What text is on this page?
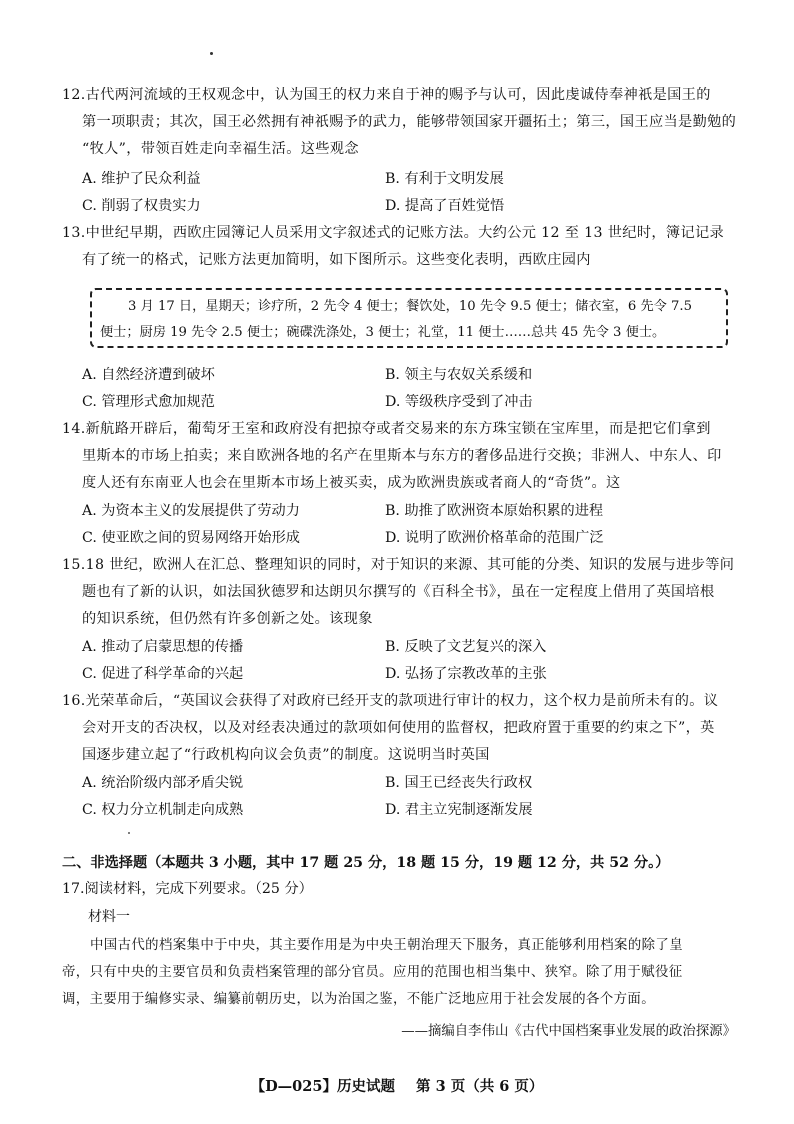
12.古代两河流域的王权观念中，认为国王的权力来自于神的赐予与认可，因此虔诚侍奉神祇是国王的
第一项职责；其次，国王必然拥有神祇赐予的武力，能够带领国家开疆拓土；第三，国王应当是勤勉的
“牧人”，带领百姓走向幸福生活。这些观念
A. 维护了民众利益	B. 有利于文明发展
C. 削弱了权贵实力	D. 提高了百姓觉悟
13.中世纪早期，西欧庄园簿记人员采用文字叙述式的记账方法。大约公元 12 至 13 世纪时，簿记记录
有了统一的格式，记账方法更加简明，如下图所示。这些变化表明，西欧庄园内
3 月 17 日，星期天；诊疗所，2 先令 4 便士；餐饮处，10 先令 9.5 便士；储衣室，6 先令 7.5
便士；厨房 19 先令 2.5 便士；碗碟洗涤处，3 便士；礼堂，11 便士……总共 45 先令 3 便士。
A. 自然经济遭到破坏	B. 领主与农奴关系缓和
C. 管理形式愈加规范	D. 等级秩序受到了冲击
14.新航路开辟后，葡萄牙王室和政府没有把掠夺或者交易来的东方珠宝锁在宝库里，而是把它们拿到
里斯本的市场上拍卖；来自欧洲各地的名产在里斯本与东方的奢侈品进行交换；非洲人、中东人、印
度人还有东南亚人也会在里斯本市场上被买卖，成为欧洲贵族或者商人的“奇货”。这
A. 为资本主义的发展提供了劳动力	B. 助推了欧洲资本原始积累的进程
C. 使亚欧之间的贸易网络开始形成	D. 说明了欧洲价格革命的范围广泛
15.18 世纪，欧洲人在汇总、整理知识的同时，对于知识的来源、其可能的分类、知识的发展与进步等问
题也有了新的认识，如法国狄德罗和达朗贝尔撰写的《百科全书》，虽在一定程度上借用了英国培根
的知识系统，但仍然有许多创新之处。该现象
A. 推动了启蒙思想的传播	B. 反映了文艺复兴的深入
C. 促进了科学革命的兴起	D. 弘扬了宗教改革的主张
16.光荣革命后，“英国议会获得了对政府已经开支的款项进行审计的权力，这个权力是前所未有的。议
会对开支的否决权，以及对经表决通过的款项如何使用的监督权，把政府置于重要的约束之下”，英
国逐步建立起了“行政机构向议会负责”的制度。这说明当时英国
A. 统治阶级内部矛盾尖锐	B. 国王已经丧失行政权
C. 权力分立机制走向成熟	D. 君主立宪制逐渐发展
二、非选择题（本题共 3 小题，其中 17 题 25 分，18 题 15 分，19 题 12 分，共 52 分。）
17.阅读材料，完成下列要求。（25 分）
材料一
中国古代的档案集中于中央，其主要作用是为中央王朝治理天下服务，真正能够利用档案的除了皇
帝，只有中央的主要官员和负责档案管理的部分官员。应用的范围也相当集中、狭窄。除了用于赋役征
调，主要用于编修实录、编纂前朝历史，以为治国之鉴，不能广泛地应用于社会发展的各个方面。
——摘编自李伟山《古代中国档案事业发展的政治探源》
【D—025】历史试题 第 3 页（共 6 页）
